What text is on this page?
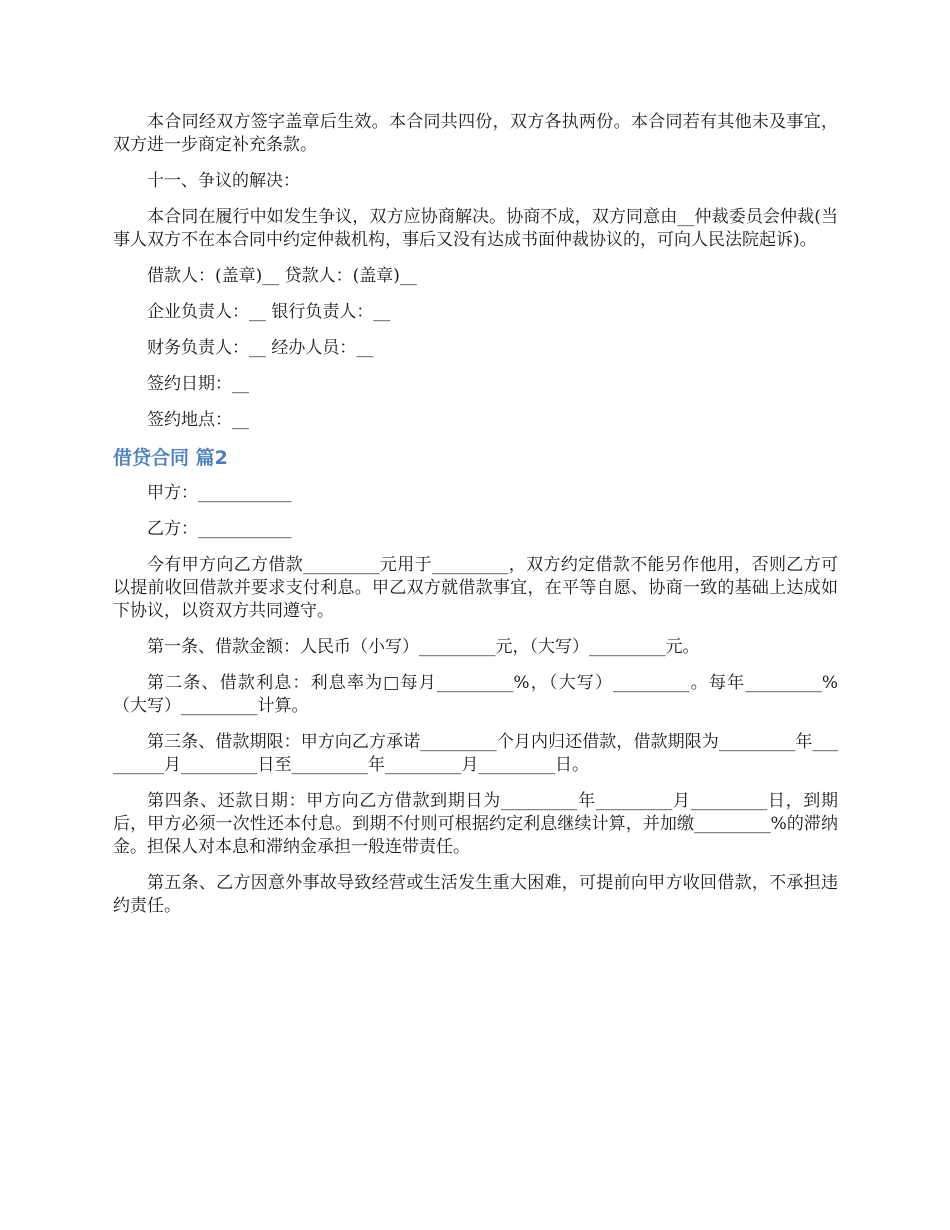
本合同经双方签字盖章后生效。本合同共四份，双方各执两份。本合同若有其他未及事宜，双方进一步商定补充条款。

十一、争议的解决：

本合同在履行中如发生争议，双方应协商解决。协商不成，双方同意由__仲裁委员会仲裁(当事人双方不在本合同中约定仲裁机构，事后又没有达成书面仲裁协议的，可向人民法院起诉)。

借款人：(盖章)__ 贷款人：(盖章)__

企业负责人：__ 银行负责人：__

财务负责人：__ 经办人员：__

签约日期：__

签约地点：__

借贷合同 篇2

甲方：___________

乙方：___________

今有甲方向乙方借款_________元用于_________，双方约定借款不能另作他用，否则乙方可以提前收回借款并要求支付利息。甲乙双方就借款事宜，在平等自愿、协商一致的基础上达成如下协议，以资双方共同遵守。

第一条、借款金额：人民币（小写）_________元，（大写）_________元。

第二条、借款利息：利息率为□每月_________%，（大写）_________。每年_________%（大写）_________计算。

第三条、借款期限：甲方向乙方承诺_________个月内归还借款，借款期限为_________年_________月_________日至_________年_________月_________日。

第四条、还款日期：甲方向乙方借款到期日为_________年_________月_________日，到期后，甲方必须一次性还本付息。到期不付则可根据约定利息继续计算，并加缴_________%的滞纳金。担保人对本息和滞纳金承担一般连带责任。

第五条、乙方因意外事故导致经营或生活发生重大困难，可提前向甲方收回借款，不承担违约责任。
